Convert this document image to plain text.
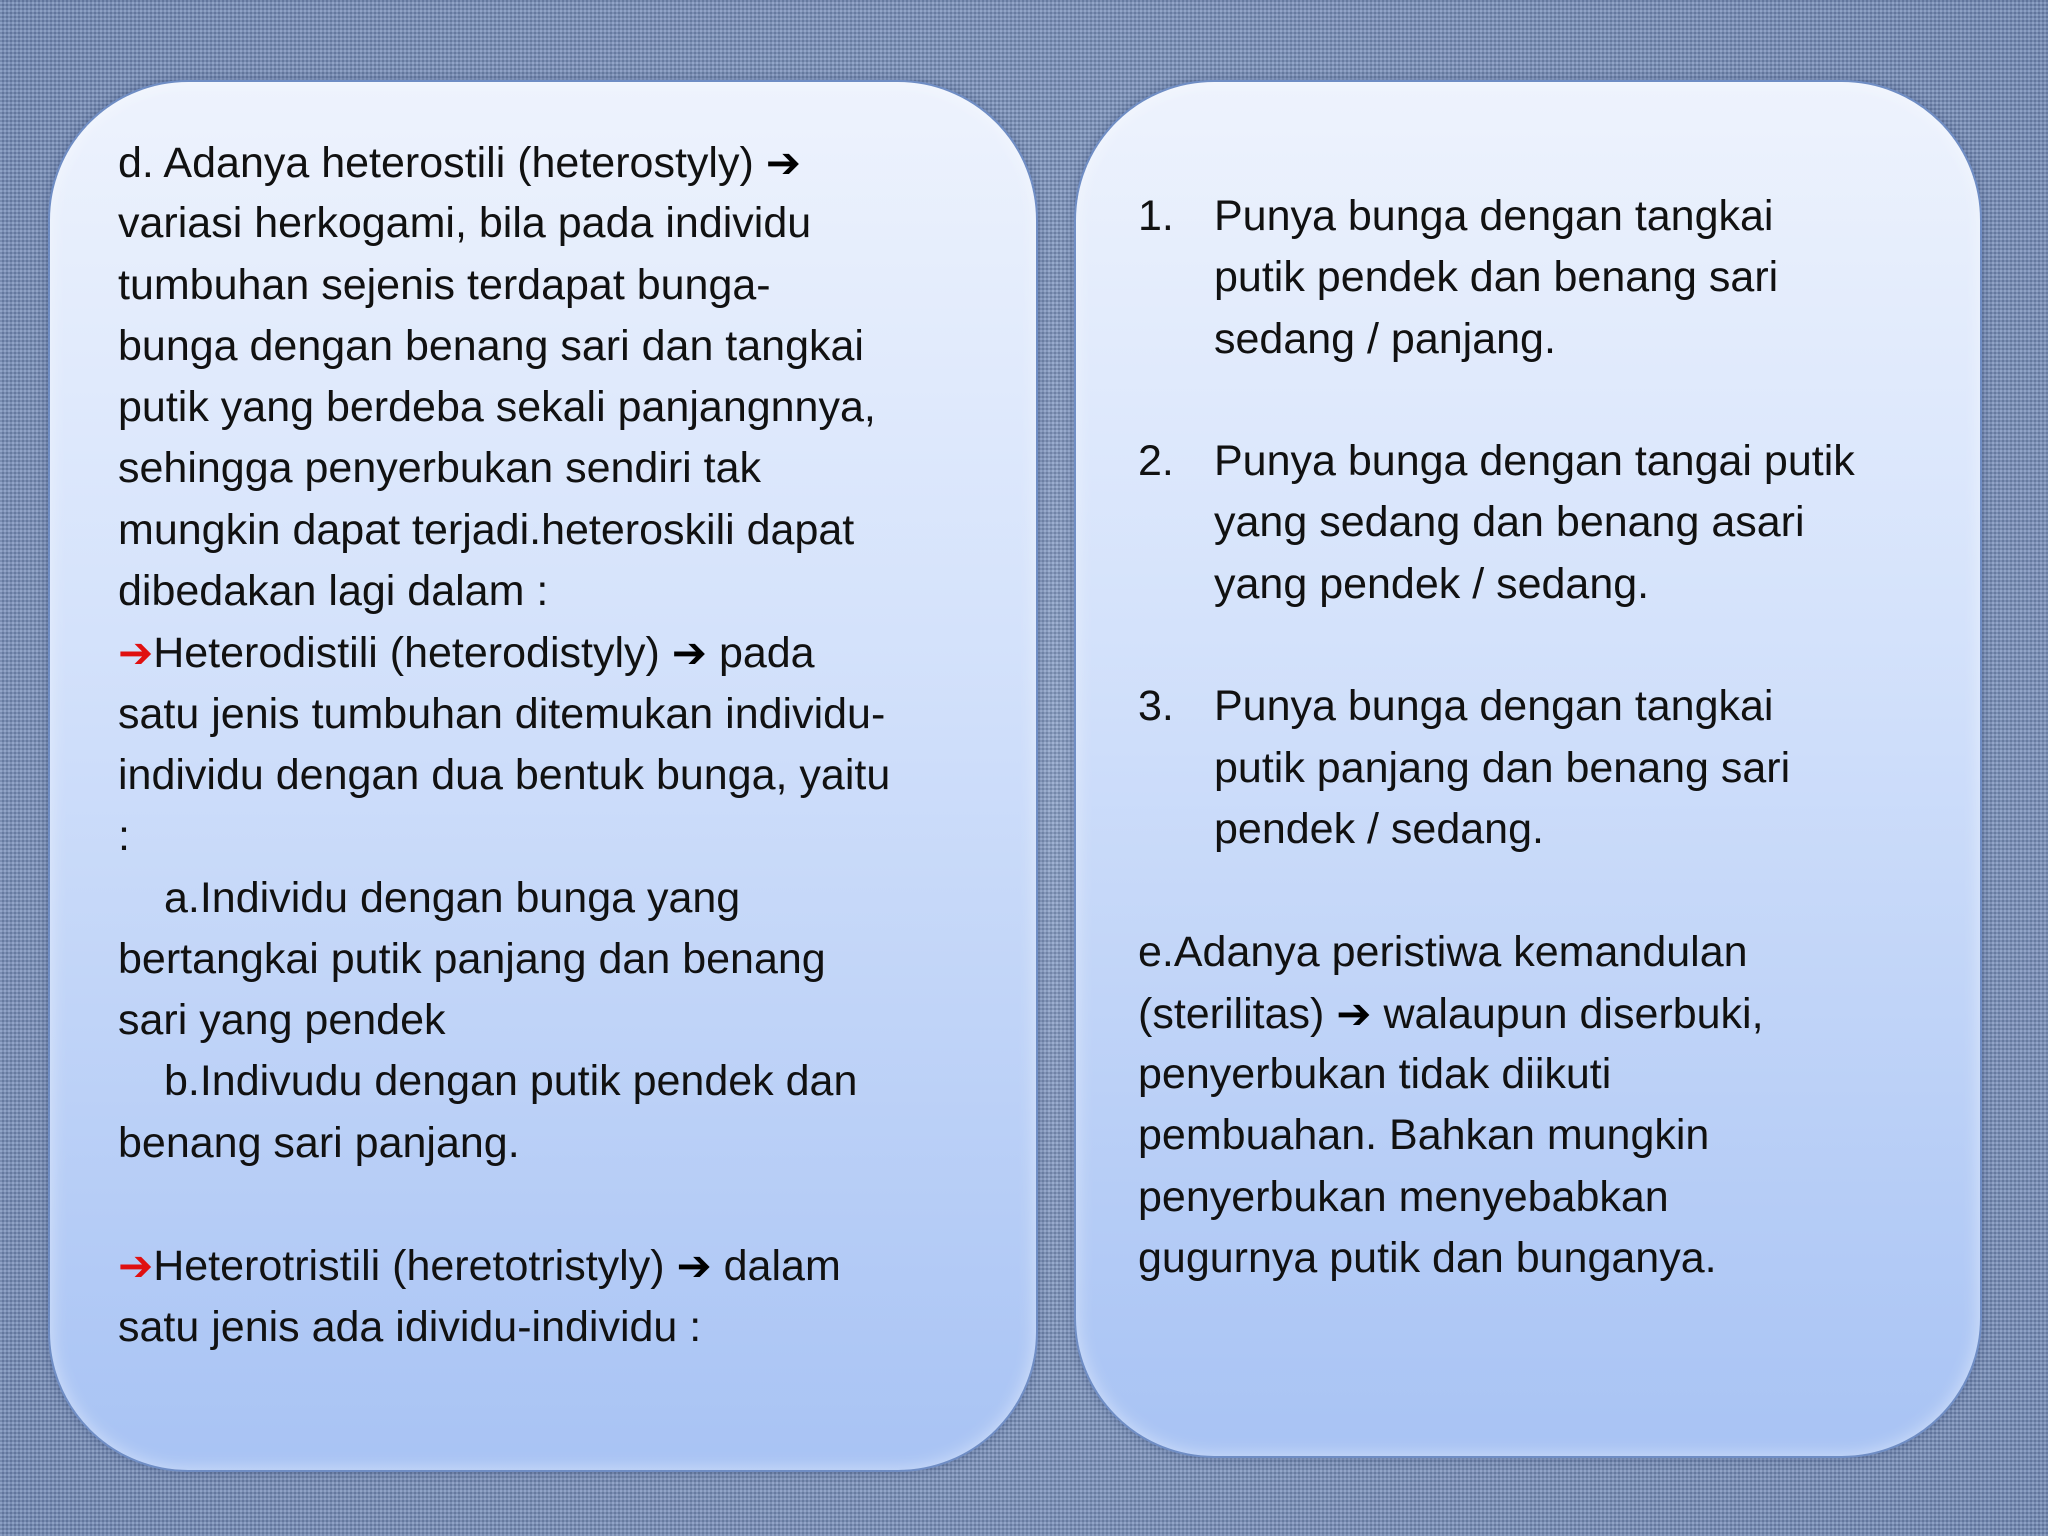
d. Adanya heterostili (heterostyly) ➔
variasi herkogami, bila pada individu
tumbuhan sejenis terdapat bunga-
bunga dengan benang sari dan tangkai
putik yang berdeba sekali panjangnnya,
sehingga penyerbukan sendiri tak
mungkin dapat terjadi.heteroskili dapat
dibedakan lagi dalam :
➔Heterodistili (heterodistyly) ➔ pada
satu jenis tumbuhan ditemukan individu-
individu dengan dua bentuk bunga, yaitu
:
a.Individu dengan bunga yang
bertangkai putik panjang dan benang
sari yang pendek
b.Indivudu dengan putik pendek dan
benang sari panjang.
➔Heterotristili (heretotristyly) ➔ dalam
satu jenis ada idividu-individu :
1. Punya bunga dengan tangkai
putik pendek dan benang sari
sedang / panjang.
2. Punya bunga dengan tangai putik
yang sedang dan benang asari
yang pendek / sedang.
3. Punya bunga dengan tangkai
putik panjang dan benang sari
pendek / sedang.
e.Adanya peristiwa kemandulan
(sterilitas) ➔ walaupun diserbuki,
penyerbukan tidak diikuti
pembuahan. Bahkan mungkin
penyerbukan menyebabkan
gugurnya putik dan bunganya.
